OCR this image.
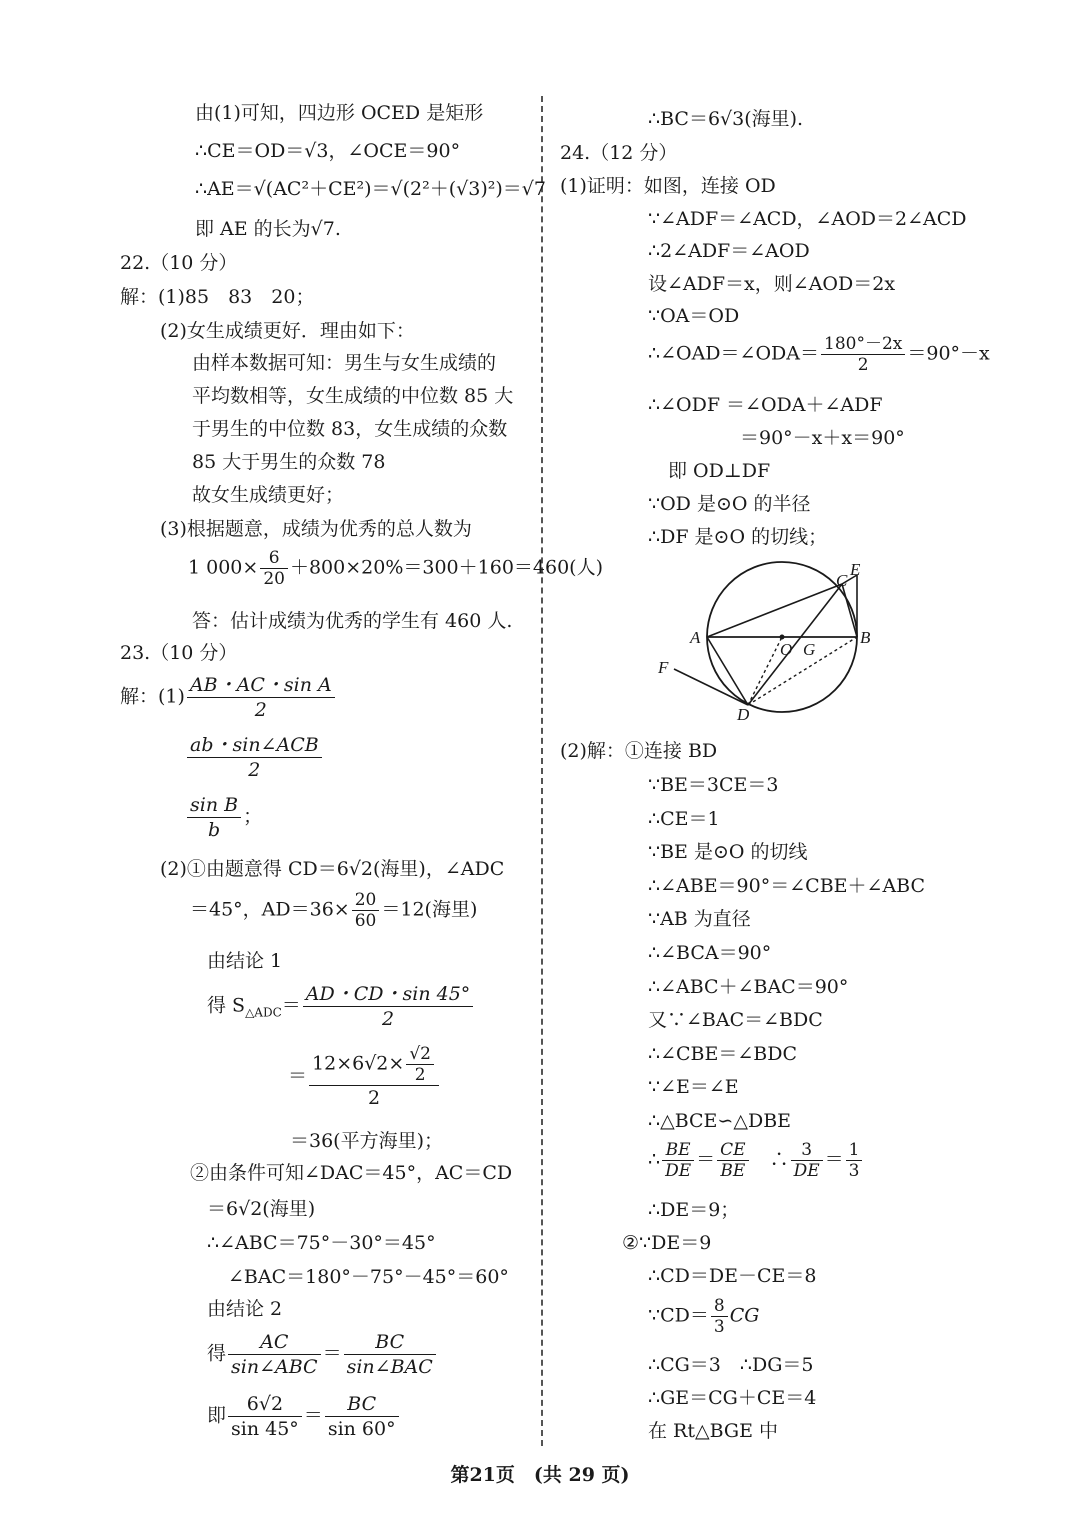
由(1)可知，四边形 OCED 是矩形
∴CE＝OD＝√3，∠OCE＝90°
∴AE＝√(AC²＋CE²)＝√(2²＋(√3)²)＝√7
即 AE 的长为√7.
22.（10 分）
解：(1)85　83　20；
(2)女生成绩更好．理由如下：
由样本数据可知：男生与女生成绩的
平均数相等，女生成绩的中位数 85 大
于男生的中位数 83，女生成绩的众数
85 大于男生的众数 78
故女生成绩更好；
(3)根据题意，成绩为优秀的总人数为
1 $000\times \frac{6}{20} +800\times 20\%=300+160=460$(人)
答：估计成绩为优秀的学生有 460 人.
23.（10 分）
解：$(1) \frac{\text{AB・AC・sin A}}{2}$
$\frac{\text{ab・sin∠ACB}}{2}$
$\frac{\text{sin B}}{b}$ ；
(2)①由题意得 CD＝6√2(海里)，∠ADC
＝45°，$AD=36\times \frac{20}{60} =12$(海里)
由结论 1
得 $S_{\triangle ADC}= \frac{AD・CD・\sin 45^\circ}{2}$
＝ $\frac{12\times 6√2\times \frac{√2}{2}}{2}$
＝36(平方海里)；
②由条件可知∠DAC＝45°，AC＝CD
＝6√2(海里)
∴∠ABC＝75°－30°＝45°
∠BAC＝180°－75°－45°＝60°
由结论 2
得 $\frac{AC}{\text{sin∠ABC}} = \frac{BC}{\text{sin∠BAC}}$
即 $\frac{6√2}{\sin 45^\circ} = \frac{BC}{\sin 60^\circ}$
∴BC＝6√3(海里).
24.（12 分）
(1)证明：如图，连接 OD
∵∠ADF＝∠ACD，∠AOD＝2∠ACD
∴2∠ADF＝∠AOD
设∠ADF＝x，则∠AOD＝2x
∵OA＝OD
∴∠OAD＝∠ODA＝ $\frac{180^\circ-2x}{2} =90^\circ-x$
∴∠ODF ＝∠ODA＋∠ADF
＝90°－x＋x＝90°
即 OD⊥DF
∵OD 是⊙O 的半径
∴DF 是⊙O 的切线；
A	B
C
E
D
F
O G
(2)解：①连接 BD
∵BE＝3CE＝3
∴CE＝1
∵BE 是⊙O 的切线
∴∠ABE＝90°＝∠CBE＋∠ABC
∵AB 为直径
∴∠BCA＝90°
∴∠ABC＋∠BAC＝90°
又∵∠BAC＝∠BDC
∴∠CBE＝∠BDC
∵∠E＝∠E
∴△BCE∽△DBE
∴ $\frac{BE}{DE} = \frac{CE}{BE}$ 　∴ $\frac{3}{DE} = \frac{1}{3}$
∴DE＝9；
②∵DE＝9
∴CD＝DE－CE＝8
∵CD＝ $\frac{8}{3}$ CG
∴CG＝3　∴DG＝5
∴GE＝CG＋CE＝4
在 Rt△BGE 中
第21页　(共 29 页)
